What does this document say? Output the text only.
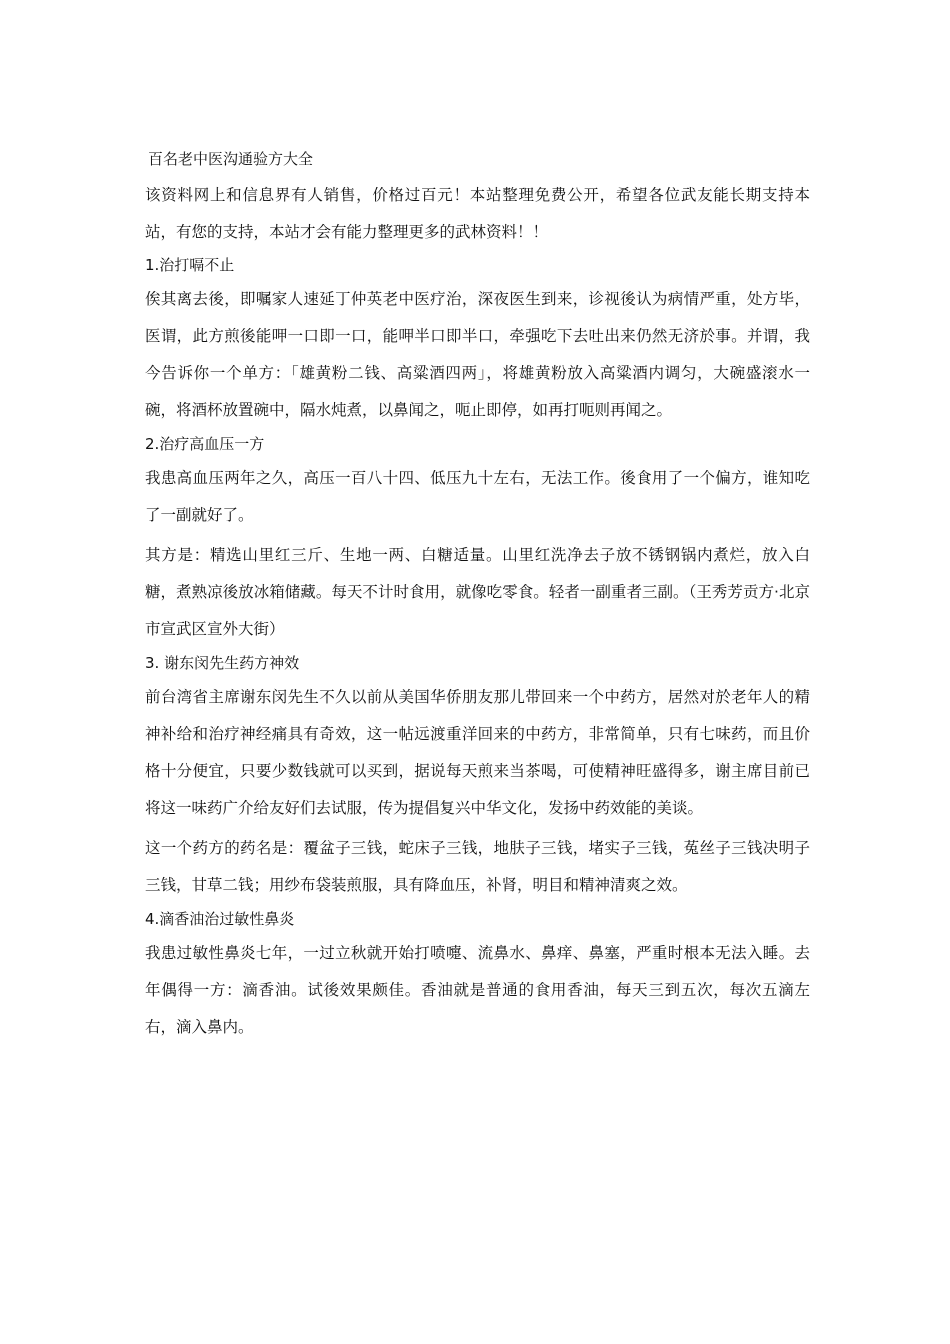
百名老中医沟通验方大全

该资料网上和信息界有人销售，价格过百元！本站整理免费公开，希望各位武友能长期支持本站，有您的支持，本站才会有能力整理更多的武林资料！！

1.治打嗝不止

俟其离去後，即嘱家人速延丁仲英老中医疗治，深夜医生到来，诊视後认为病情严重，处方毕，医谓，此方煎後能呷一口即一口，能呷半口即半口，牵强吃下去吐出来仍然无济於事。并谓，我今告诉你一个单方：「雄黄粉二钱、高粱酒四两」，将雄黄粉放入高粱酒内调匀，大碗盛滚水一碗，将酒杯放置碗中，隔水炖煮，以鼻闻之，呃止即停，如再打呃则再闻之。

2.治疗高血压一方

我患高血压两年之久，高压一百八十四、低压九十左右，无法工作。後食用了一个偏方，谁知吃了一副就好了。

其方是：精选山里红三斤、生地一两、白糖适量。山里红洗净去子放不锈钢锅内煮烂，放入白糖，煮熟凉後放冰箱储藏。每天不计时食用，就像吃零食。轻者一副重者三副。（王秀芳贡方·北京市宣武区宣外大街）

3. 谢东闵先生药方神效

前台湾省主席谢东闵先生不久以前从美国华侨朋友那儿带回来一个中药方，居然对於老年人的精神补给和治疗神经痛具有奇效，这一帖远渡重洋回来的中药方，非常简单，只有七味药，而且价格十分便宜，只要少数钱就可以买到，据说每天煎来当茶喝，可使精神旺盛得多，谢主席目前已将这一味药广介给友好们去试服，传为提倡复兴中华文化，发扬中药效能的美谈。

这一个药方的药名是：覆盆子三钱，蛇床子三钱，地肤子三钱，堵实子三钱，菟丝子三钱决明子三钱，甘草二钱；用纱布袋装煎服，具有降血压，补肾，明目和精神清爽之效。

4.滴香油治过敏性鼻炎

我患过敏性鼻炎七年，一过立秋就开始打喷嚏、流鼻水、鼻痒、鼻塞，严重时根本无法入睡。去年偶得一方：滴香油。试後效果颇佳。香油就是普通的食用香油，每天三到五次，每次五滴左右，滴入鼻内。
